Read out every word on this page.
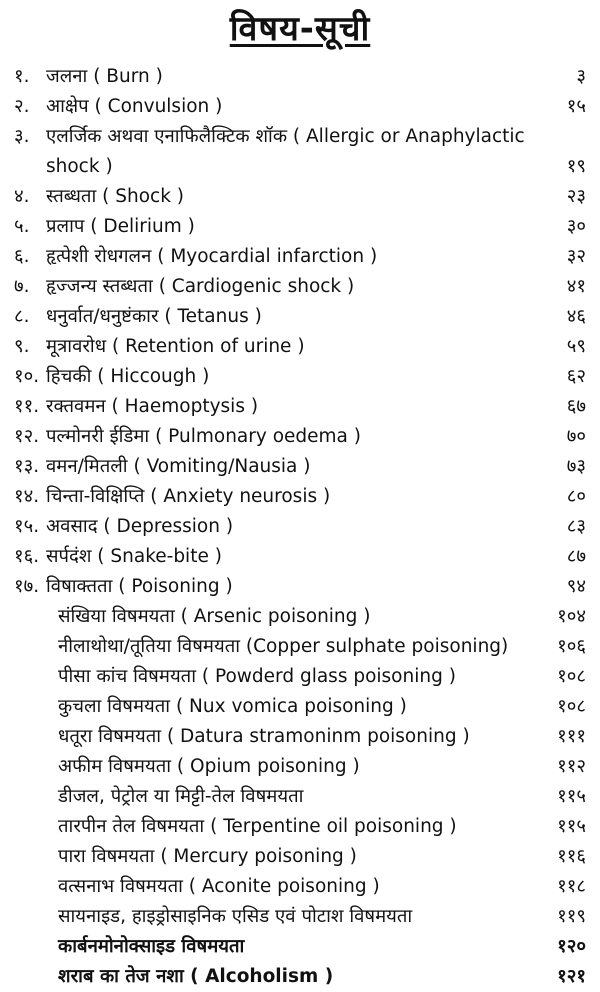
विषय-सूची
१. जलना ( Burn )	३
२. आक्षेप ( Convulsion )	१५
३. एलर्जिक अथवा एनाफिलैक्टिक शॉक ( Allergic or Anaphylactic shock )	१९
४. स्तब्धता ( Shock )	२३
५. प्रलाप ( Delirium )	३०
६. हृत्पेशी रोधगलन ( Myocardial infarction )	३२
७. हृज्जन्य स्तब्धता ( Cardiogenic shock )	४१
८. धनुर्वात/धनुष्टंकार ( Tetanus )	४६
९. मूत्रावरोध ( Retention of urine )	५९
१०. हिचकी ( Hiccough )	६२
११. रक्तवमन ( Haemoptysis )	६७
१२. पल्मोनरी ईडिमा ( Pulmonary oedema )	७०
१३. वमन/मितली ( Vomiting/Nausia )	७३
१४. चिन्ता-विक्षिप्ति ( Anxiety neurosis )	८०
१५. अवसाद ( Depression )	८३
१६. सर्पदंश ( Snake-bite )	८७
१७. विषाक्तता ( Poisoning )	९४
संखिया विषमयता ( Arsenic poisoning )	१०४
नीलाथोथा/तूतिया विषमयता (Copper sulphate poisoning)	१०६
पीसा कांच विषमयता ( Powderd glass poisoning )	१०८
कुचला विषमयता ( Nux vomica poisoning )	१०८
धतूरा विषमयता ( Datura stramoninm poisoning )	१११
अफीम विषमयता ( Opium poisoning )	११२
डीजल, पेट्रोल या मिट्टी-तेल विषमयता	११५
तारपीन तेल विषमयता ( Terpentine oil poisoning )	११५
पारा विषमयता ( Mercury poisoning )	११६
वत्सनाभ विषमयता ( Aconite poisoning )	११८
सायनाइड, हाइड्रोसाइनिक एसिड एवं पोटाश विषमयता	११९
कार्बनमोनोक्साइड विषमयता	१२०
शराब का तेज नशा ( Alcoholism )	१२१
